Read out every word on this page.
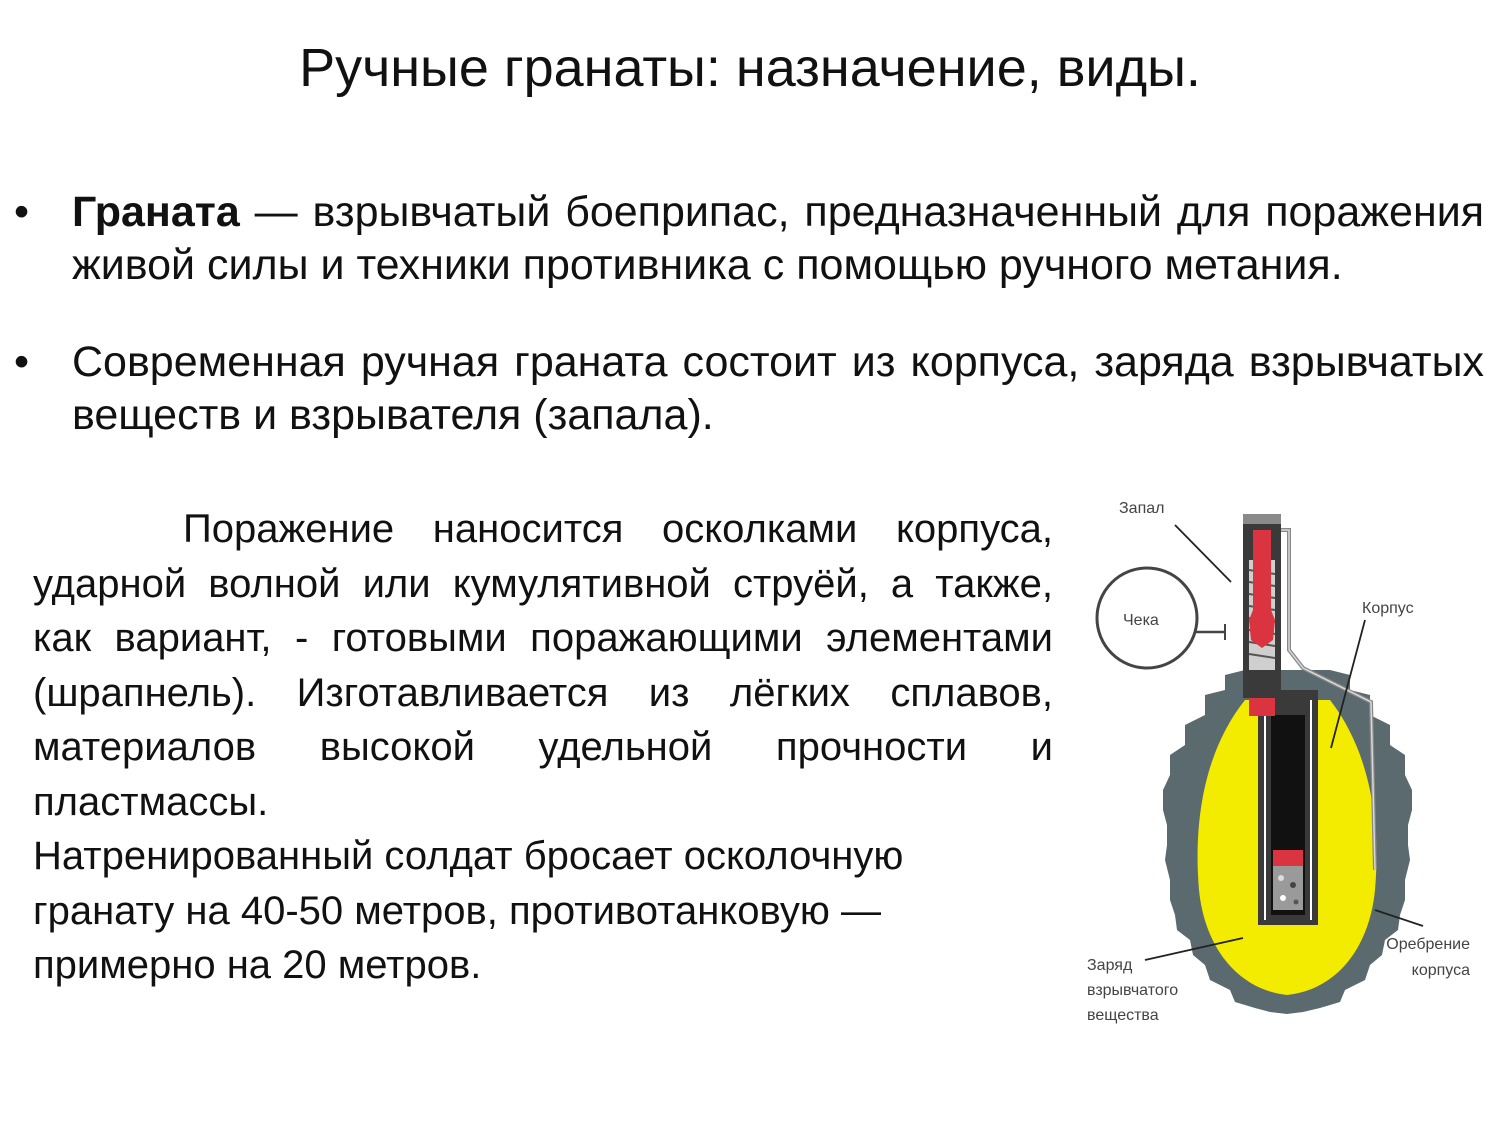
Ручные гранаты: назначение, виды.
• Граната — взрывчатый боеприпас, предназначенный для поражения живой силы и техники противника с помощью ручного метания.
• Современная ручная граната состоит из корпуса, заряда взрывчатых веществ и взрывателя (запала).

Поражение наносится осколками корпуса, ударной волной или кумулятивной струёй, а также, как вариант, - готовыми поражающими элементами (шрапнель). Изготавливается из лёгких сплавов, материалов высокой удельной прочности и пластмассы.

Натренированный солдат бросает осколочную гранату на 40-50 метров, противотанковую — примерно на 20 метров.

Запал
Чека
Корпус
Заряд
взрывчатого
вещества
Оребрение
корпуса
